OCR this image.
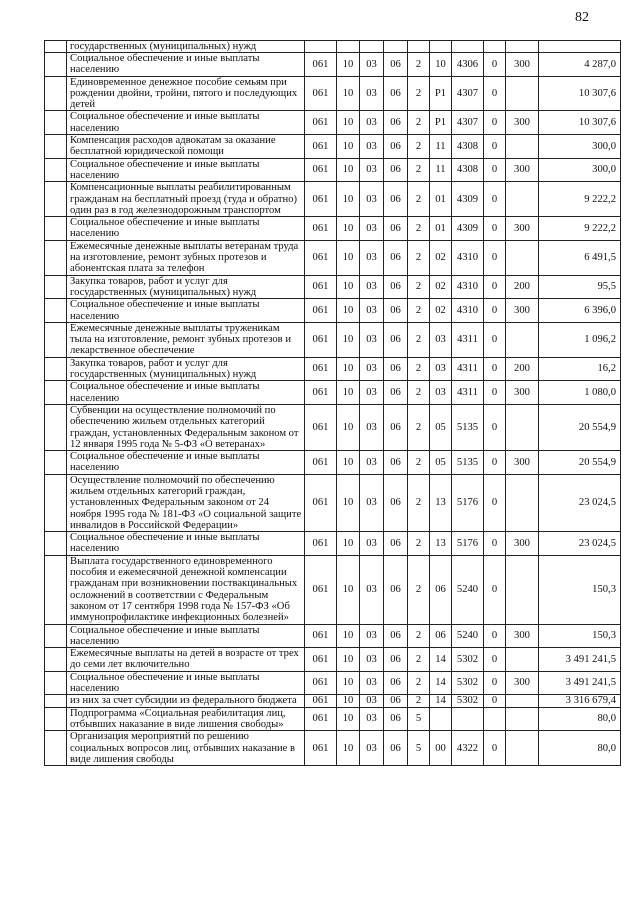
82
	государственных (муниципальных) нужд										
	Социальное обеспечение и иные выплаты населению	061	10	03	06	2	10	4306	0	300	4 287,0
	Единовременное денежное пособие семьям при рождении двойни, тройни, пятого и последующих детей	061	10	03	06	2	P1	4307	0		10 307,6
	Социальное обеспечение и иные выплаты населению	061	10	03	06	2	P1	4307	0	300	10 307,6
	Компенсация расходов адвокатам за оказание бесплатной юридической помощи	061	10	03	06	2	11	4308	0		300,0
	Социальное обеспечение и иные выплаты населению	061	10	03	06	2	11	4308	0	300	300,0
	Компенсационные выплаты реабилитированным гражданам на бесплатный проезд (туда и обратно) один раз в год железнодорожным транспортом	061	10	03	06	2	01	4309	0		9 222,2
	Социальное обеспечение и иные выплаты населению	061	10	03	06	2	01	4309	0	300	9 222,2
	Ежемесячные денежные выплаты ветеранам труда на изготовление, ремонт зубных протезов и абонентская плата за телефон	061	10	03	06	2	02	4310	0		6 491,5
	Закупка товаров, работ и услуг для государственных (муниципальных) нужд	061	10	03	06	2	02	4310	0	200	95,5
	Социальное обеспечение и иные выплаты населению	061	10	03	06	2	02	4310	0	300	6 396,0
	Ежемесячные денежные выплаты труженикам тыла на изготовление, ремонт зубных протезов и лекарственное обеспечение	061	10	03	06	2	03	4311	0		1 096,2
	Закупка товаров, работ и услуг для государственных (муниципальных) нужд	061	10	03	06	2	03	4311	0	200	16,2
	Социальное обеспечение и иные выплаты населению	061	10	03	06	2	03	4311	0	300	1 080,0
	Субвенции на осуществление полномочий по обеспечению жильем отдельных категорий граждан, установленных Федеральным законом от 12 января 1995 года № 5-ФЗ «О ветеранах»	061	10	03	06	2	05	5135	0		20 554,9
	Социальное обеспечение и иные выплаты населению	061	10	03	06	2	05	5135	0	300	20 554,9
	Осуществление полномочий по обеспечению жильем отдельных категорий граждан, установленных Федеральным законом от 24 ноября 1995 года № 181-ФЗ «О социальной защите инвалидов в Российской Федерации»	061	10	03	06	2	13	5176	0		23 024,5
	Социальное обеспечение и иные выплаты населению	061	10	03	06	2	13	5176	0	300	23 024,5
	Выплата государственного единовременного пособия и ежемесячной денежной компенсации гражданам при возникновении поствакцинальных осложнений в соответствии с Федеральным законом от 17 сентября 1998 года № 157-ФЗ «Об иммунопрофилактике инфекционных болезней»	061	10	03	06	2	06	5240	0		150,3
	Социальное обеспечение и иные выплаты населению	061	10	03	06	2	06	5240	0	300	150,3
	Ежемесячные выплаты на детей в возрасте от трех до семи лет включительно	061	10	03	06	2	14	5302	0		3 491 241,5
	Социальное обеспечение и иные выплаты населению	061	10	03	06	2	14	5302	0	300	3 491 241,5
	из них за счет субсидии из федерального бюджета	061	10	03	06	2	14	5302	0		3 316 679,4
	Подпрограмма «Социальная реабилитация лиц, отбывших наказание в виде лишения свободы»	061	10	03	06	5					80,0
	Организация мероприятий по решению социальных вопросов лиц, отбывших наказание в виде лишения свободы	061	10	03	06	5	00	4322	0		80,0
